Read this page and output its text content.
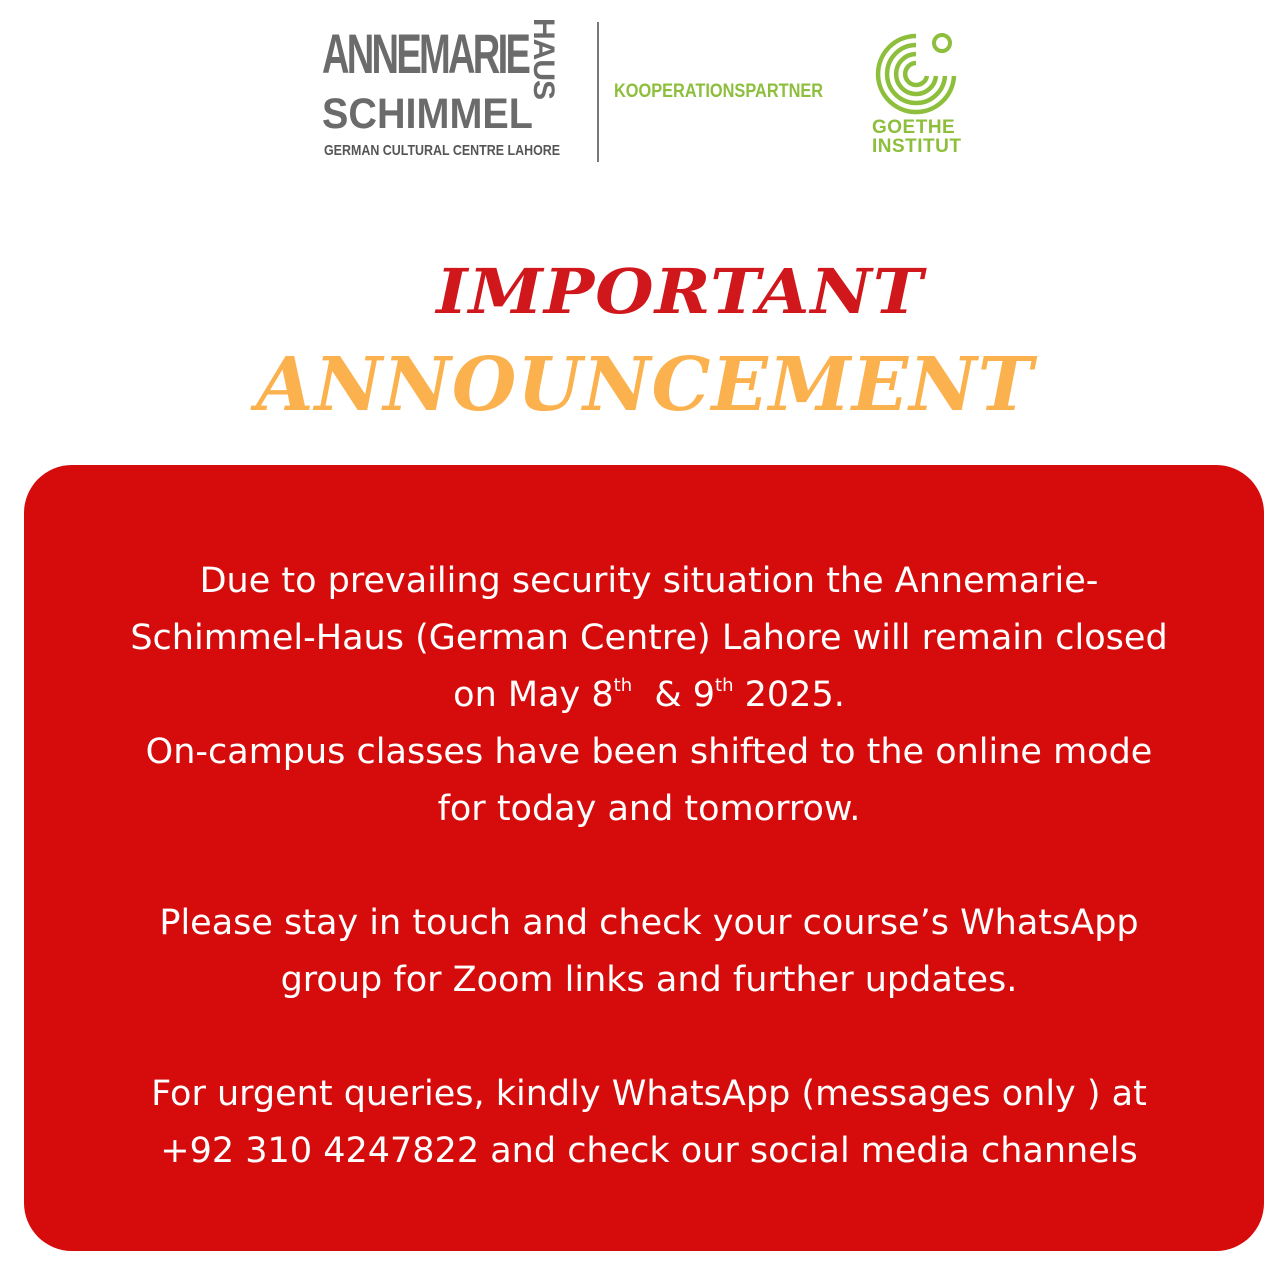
ANNEMARIE
SCHIMMEL
GERMAN CULTURAL CENTRE LAHORE
HAUS	KOOPERATIONSPARTNER
GOETHE
INSTITUT
IMPORTANT
ANNOUNCEMENT

Due to prevailing security situation the Annemarie-

Schimmel-Haus (German Centre) Lahore will remain closed

on May 8th  & 9th 2025.

On-campus classes have been shifted to the online mode

for today and tomorrow.

Please stay in touch and check your course’s WhatsApp

group for Zoom links and further updates.

For urgent queries, kindly WhatsApp (messages only ) at

+92 310 4247822 and check our social media channels
